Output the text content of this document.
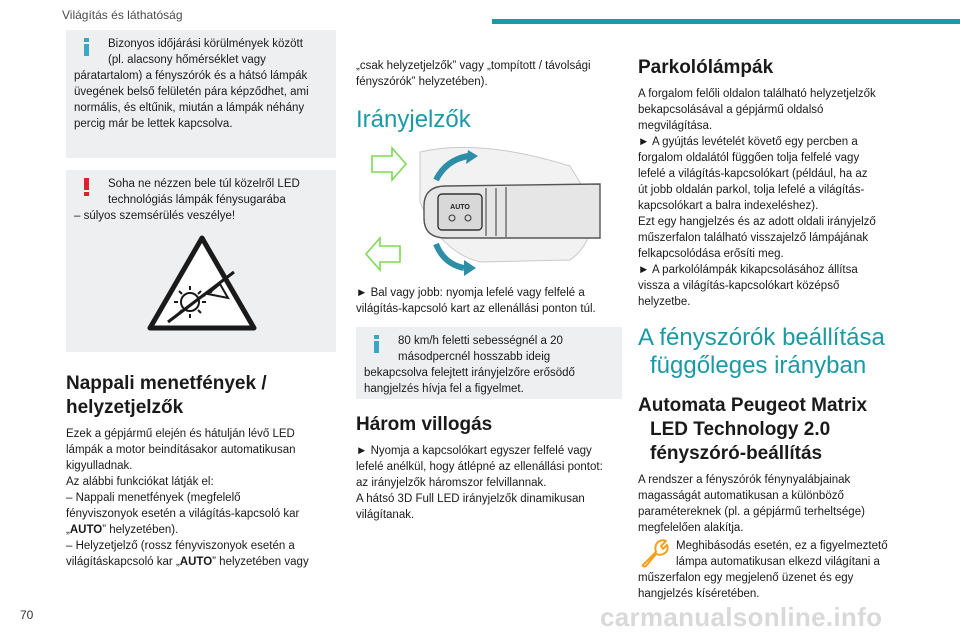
Világítás és láthatóság
Bizonyos időjárási körülmények között
(pl. alacsony hőmérséklet vagy
páratartalom) a fényszórók és a hátsó lámpák
üvegének belső felületén pára képződhet, ami
normális, és eltűnik, miután a lámpák néhány
percig már be lettek kapcsolva.
Soha ne nézzen bele túl közelről LED
technológiás lámpák fénysugarába
– súlyos szemsérülés veszélye!
Nappali menetfények /
helyzetjelzők
Ezek a gépjármű elején és hátulján lévő LED
lámpák a motor beindításakor automatikusan
kigyulladnak.
Az alábbi funkciókat látják el:
– Nappali menetfények (megfelelő
fényviszonyok esetén a világítás-kapcsoló kar
„AUTO” helyzetében).
– Helyzetjelző (rossz fényviszonyok esetén a
világításkapcsoló kar „AUTO” helyzetében vagy
„csak helyzetjelzők” vagy „tompított / távolsági
fényszórók” helyzetében).
Irányjelzők
AUTO
► Bal vagy jobb: nyomja lefelé vagy felfelé a
világítás-kapcsoló kart az ellenállási ponton túl.
80 km/h feletti sebességnél a 20
másodpercnél hosszabb ideig
bekapcsolva felejtett irányjelzőre erősödő
hangjelzés hívja fel a figyelmet.
Három villogás
► Nyomja a kapcsolókart egyszer felfelé vagy
lefelé anélkül, hogy átlépné az ellenállási pontot:
az irányjelzők háromszor felvillannak.
A hátsó 3D Full LED irányjelzők dinamikusan
világítanak.
Parkolólámpák
A forgalom felőli oldalon található helyzetjelzők
bekapcsolásával a gépjármű oldalsó
megvilágítása.
► A gyújtás levételét követő egy percben a
forgalom oldalától függően tolja felfelé vagy
lefelé a világítás-kapcsolókart (például, ha az
út jobb oldalán parkol, tolja lefelé a világítás-
kapcsolókart a balra indexeléshez).
Ezt egy hangjelzés és az adott oldali irányjelző
műszerfalon található visszajelző lámpájának
felkapcsolódása erősíti meg.
► A parkolólámpák kikapcsolásához állítsa
vissza a világítás-kapcsolókart középső
helyzetbe.
A fényszórók beállítása
függőleges irányban
Automata Peugeot Matrix
LED Technology 2.0
fényszóró-beállítás
A rendszer a fényszórók fénynyalábjainak
magasságát automatikusan a különböző
paramétereknek (pl. a gépjármű terheltsége)
megfelelően alakítja.
Meghibásodás esetén, ez a figyelmeztető
lámpa automatikusan elkezd világítani a
műszerfalon egy megjelenő üzenet és egy
hangjelzés kíséretében.
70	carmanualsonline.info
